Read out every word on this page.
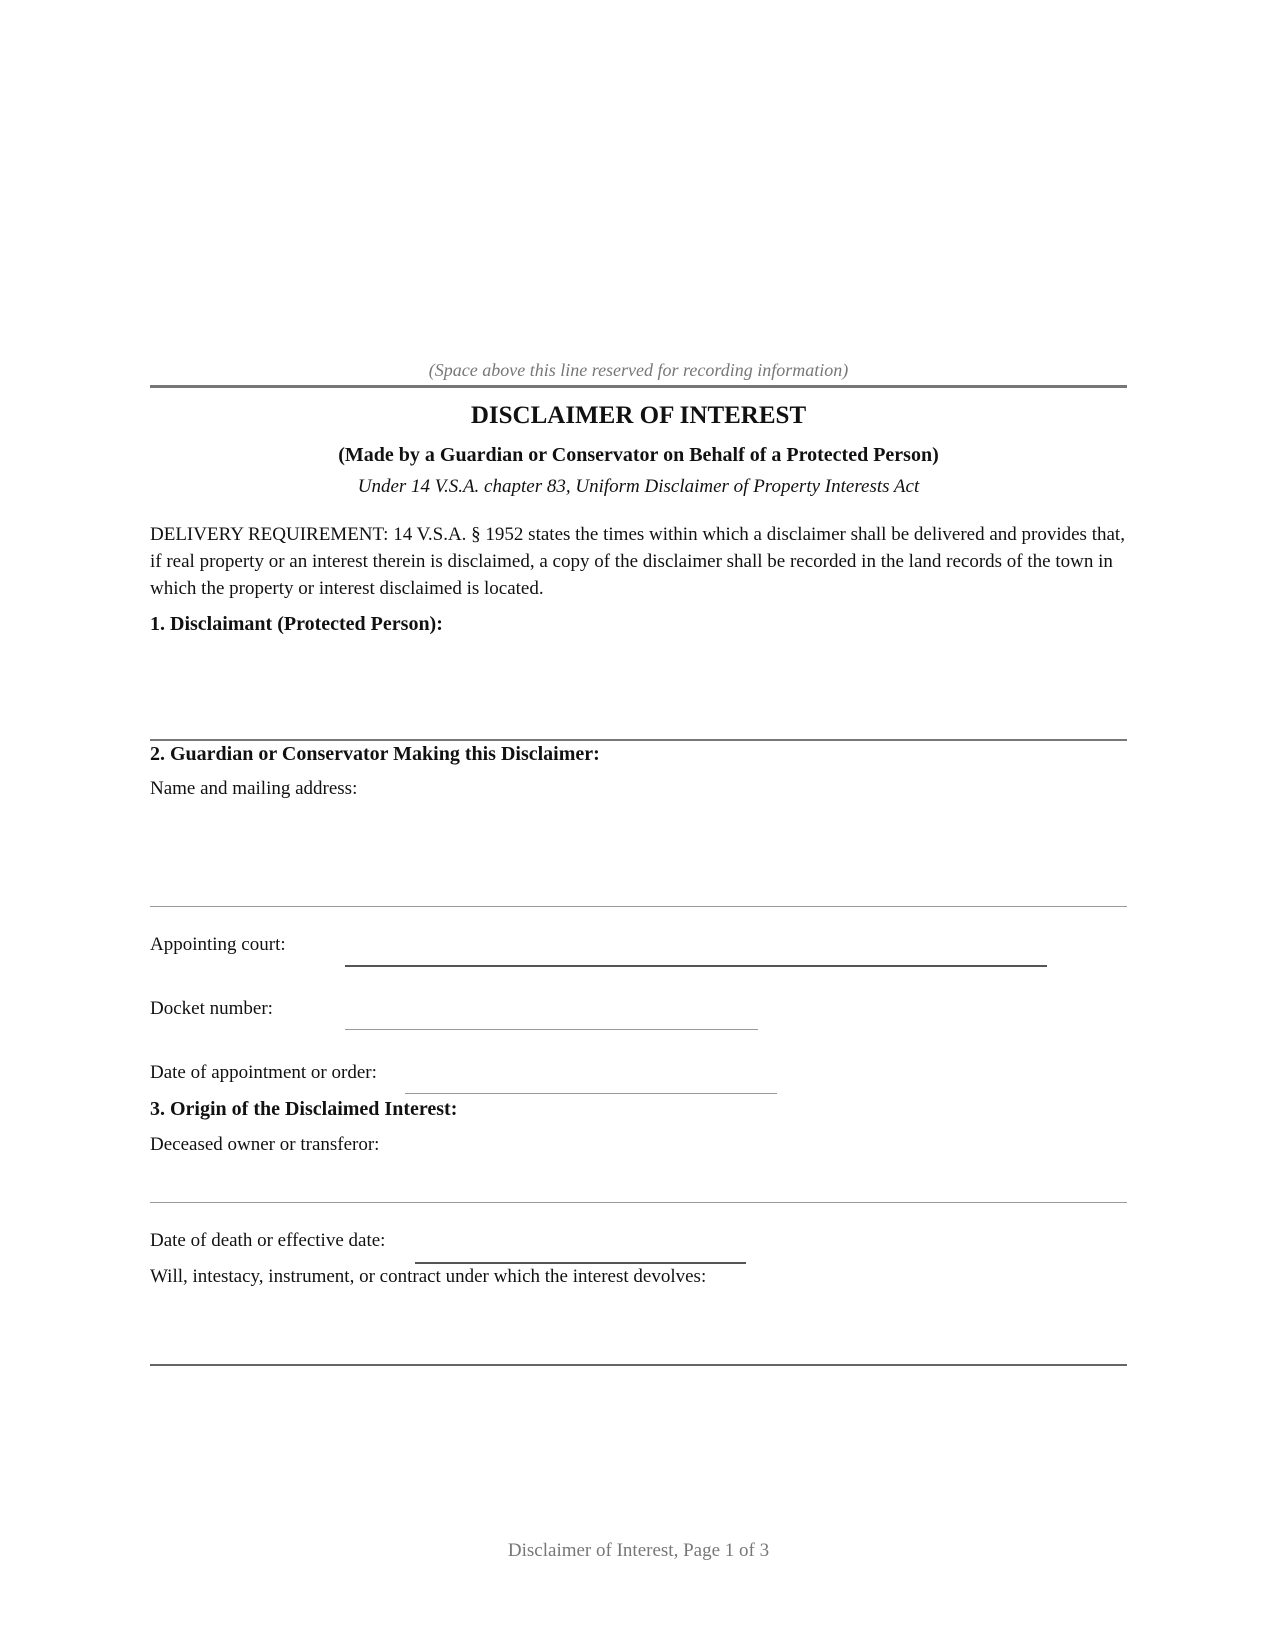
(Space above this line reserved for recording information)
DISCLAIMER OF INTEREST
(Made by a Guardian or Conservator on Behalf of a Protected Person)
Under 14 V.S.A. chapter 83, Uniform Disclaimer of Property Interests Act
DELIVERY REQUIREMENT: 14 V.S.A. § 1952 states the times within which a disclaimer shall be delivered and provides that, if real property or an interest therein is disclaimed, a copy of the disclaimer shall be recorded in the land records of the town in which the property or interest disclaimed is located.
1. Disclaimant (Protected Person):
2. Guardian or Conservator Making this Disclaimer:
Name and mailing address:
Appointing court:
Docket number:
Date of appointment or order:
3. Origin of the Disclaimed Interest:
Deceased owner or transferor:
Date of death or effective date:
Will, intestacy, instrument, or contract under which the interest devolves:
Disclaimer of Interest, Page 1 of 3
